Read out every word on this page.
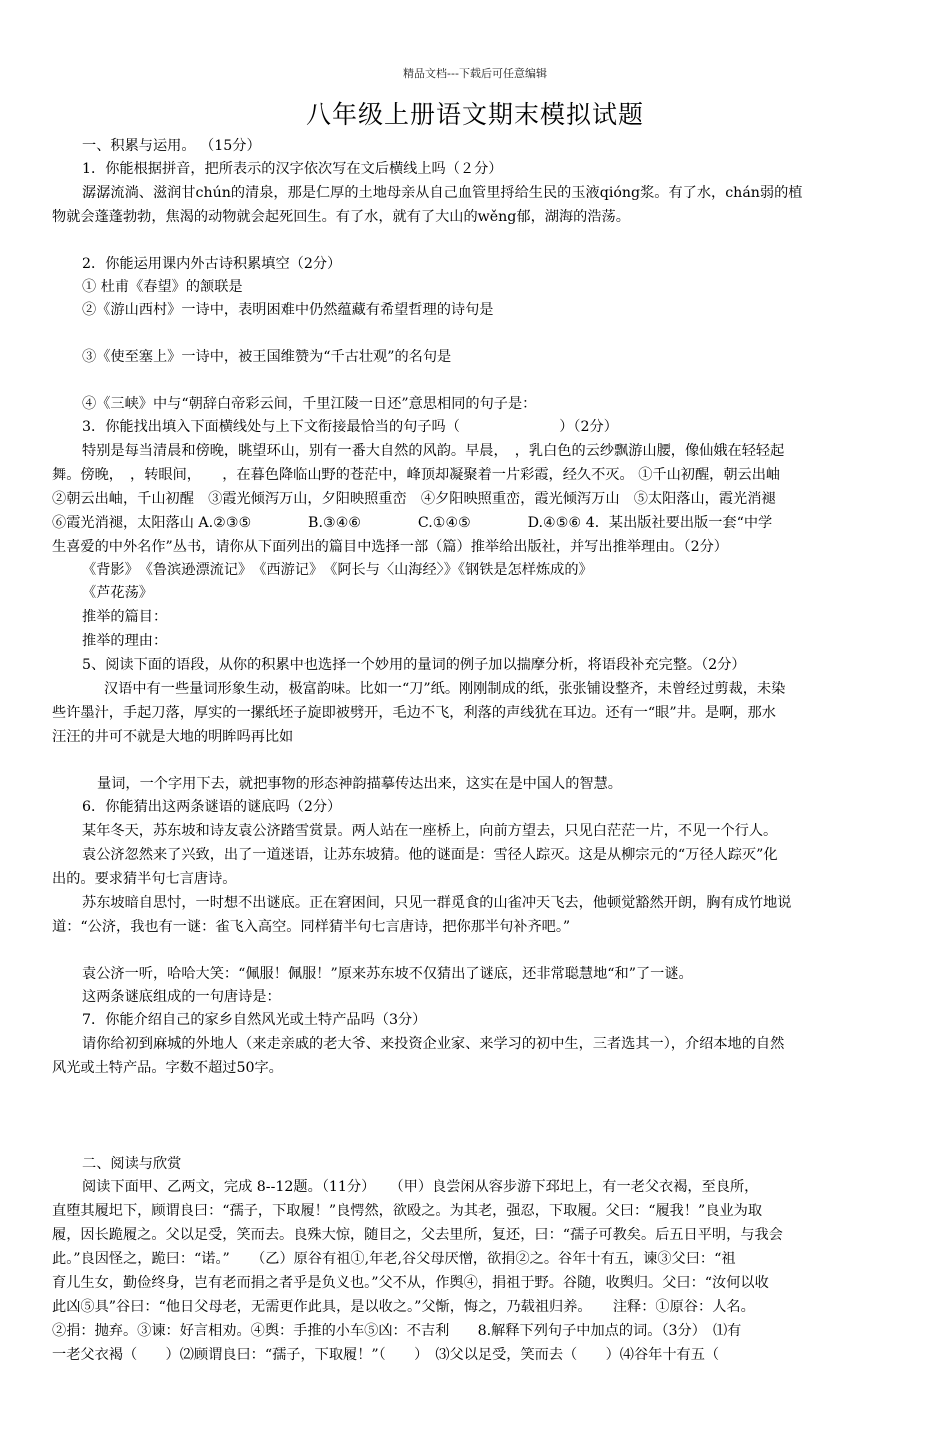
精品文档---下载后可任意编辑
八年级上册语文期末模拟试题
一、积累与运用。 （15分）
1．你能根据拼音，把所表示的汉字依次写在文后横线上吗（２分）
潺潺流淌、滋润甘chún的清泉，那是仁厚的土地母亲从自己血管里捋给生民的玉液qióng浆。有了水，chán弱的植
物就会蓬蓬勃勃，焦渴的动物就会起死回生。有了水，就有了大山的wěng郁，湖海的浩荡。
2．你能运用课内外古诗积累填空（2分）
① 杜甫《春望》的颔联是
②《游山西村》一诗中，表明困难中仍然蕴藏有希望哲理的诗句是
③《使至塞上》一诗中，被王国维赞为“千古壮观”的名句是
④《三峡》中与“朝辞白帝彩云间，千里江陵一日还”意思相同的句子是：
3．你能找出填入下面横线处与上下文衔接最恰当的句子吗（　　　　　　　）（2分）
特别是每当清晨和傍晚，眺望环山，别有一番大自然的风韵。早晨，　，乳白色的云纱飘游山腰，像仙娥在轻轻起
舞。傍晚，　，转眼间，　　，在暮色降临山野的苍茫中，峰顶却凝聚着一片彩霞，经久不灭。 ①千山初醒，朝云出岫
②朝云出岫，千山初醒　③霞光倾泻万山，夕阳映照重峦　④夕阳映照重峦，霞光倾泻万山　⑤太阳落山，霞光消褪
⑥霞光消褪，太阳落山 A.②③⑤　　　　B.③④⑥　　　　C.①④⑤　　　　D.④⑤⑥ 4．某出版社要出版一套“中学
生喜爱的中外名作”丛书，请你从下面列出的篇目中选择一部（篇）推举给出版社，并写出推举理由。（2分）
《背影》　《鲁滨逊漂流记》　《西游记》　《阿长与〈山海经〉》《钢铁是怎样炼成的》
《芦花荡》
推举的篇目：
推举的理由：
5、阅读下面的语段，从你的积累中也选择一个妙用的量词的例子加以揣摩分析，将语段补充完整。（2分）
汉语中有一些量词形象生动，极富韵味。比如一“刀”纸。刚刚制成的纸，张张铺设整齐，未曾经过剪裁，未染
些许墨汁，手起刀落，厚实的一摞纸坯子旋即被劈开，毛边不飞，利落的声线犹在耳边。还有一“眼”井。是啊，那水
汪汪的井可不就是大地的明眸吗再比如
量词，一个字用下去，就把事物的形态神韵描摹传达出来，这实在是中国人的智慧。
6．你能猜出这两条谜语的谜底吗（2分）
某年冬天，苏东坡和诗友袁公济踏雪赏景。两人站在一座桥上，向前方望去，只见白茫茫一片，不见一个行人。
袁公济忽然来了兴致，出了一道迷语，让苏东坡猜。他的谜面是：雪径人踪灭。这是从柳宗元的“万径人踪灭”化
出的。要求猜半句七言唐诗。
苏东坡暗自思忖，一时想不出谜底。正在窘困间，只见一群觅食的山雀冲天飞去，他顿觉豁然开朗，胸有成竹地说
道：“公济，我也有一谜：雀飞入高空。同样猜半句七言唐诗，把你那半句补齐吧。”
袁公济一听，哈哈大笑：“佩服！佩服！”原来苏东坡不仅猜出了谜底，还非常聪慧地“和”了一谜。
这两条谜底组成的一句唐诗是：
7．你能介绍自己的家乡自然风光或土特产品吗（3分）
请你给初到麻城的外地人（来走亲戚的老大爷、来投资企业家、来学习的初中生，三者选其一），介绍本地的自然
风光或土特产品。字数不超过50字。
二、阅读与欣赏
阅读下面甲、乙两文，完成 8--12题。（11分）　　（甲）良尝闲从容步游下邳圯上，有一老父衣褐，至良所，
直堕其履圯下，顾谓良曰：“孺子，下取履！”良愕然，欲殴之。为其老，强忍，下取履。父曰：“履我！”良业为取
履，因长跪履之。父以足受，笑而去。良殊大惊，随目之，父去里所，复还，曰：“孺子可教矣。后五日平明，与我会
此。”良因怪之，跪曰：“诺。”　　（乙）原谷有祖①,年老,谷父母厌憎，欲捐②之。谷年十有五，谏③父曰：“祖
育儿生女，勤俭终身，岂有老而捐之者乎是负义也。”父不从，作舆④，捐祖于野。谷随，收舆归。父曰：“汝何以收
此凶⑤具”谷曰：“他日父母老，无需更作此具，是以收之。”父惭，悔之，乃载祖归养。　　注释：①原谷：人名。
②捐：抛弃。③谏：好言相劝。④舆：手推的小车⑤凶：不吉利　　8.解释下列句子中加点的词。（3分）　⑴有
一老父衣褐（　　）⑵顾谓良曰：“孺子，下取履！”（　　）　⑶父以足受，笑而去（　　）⑷谷年十有五（
